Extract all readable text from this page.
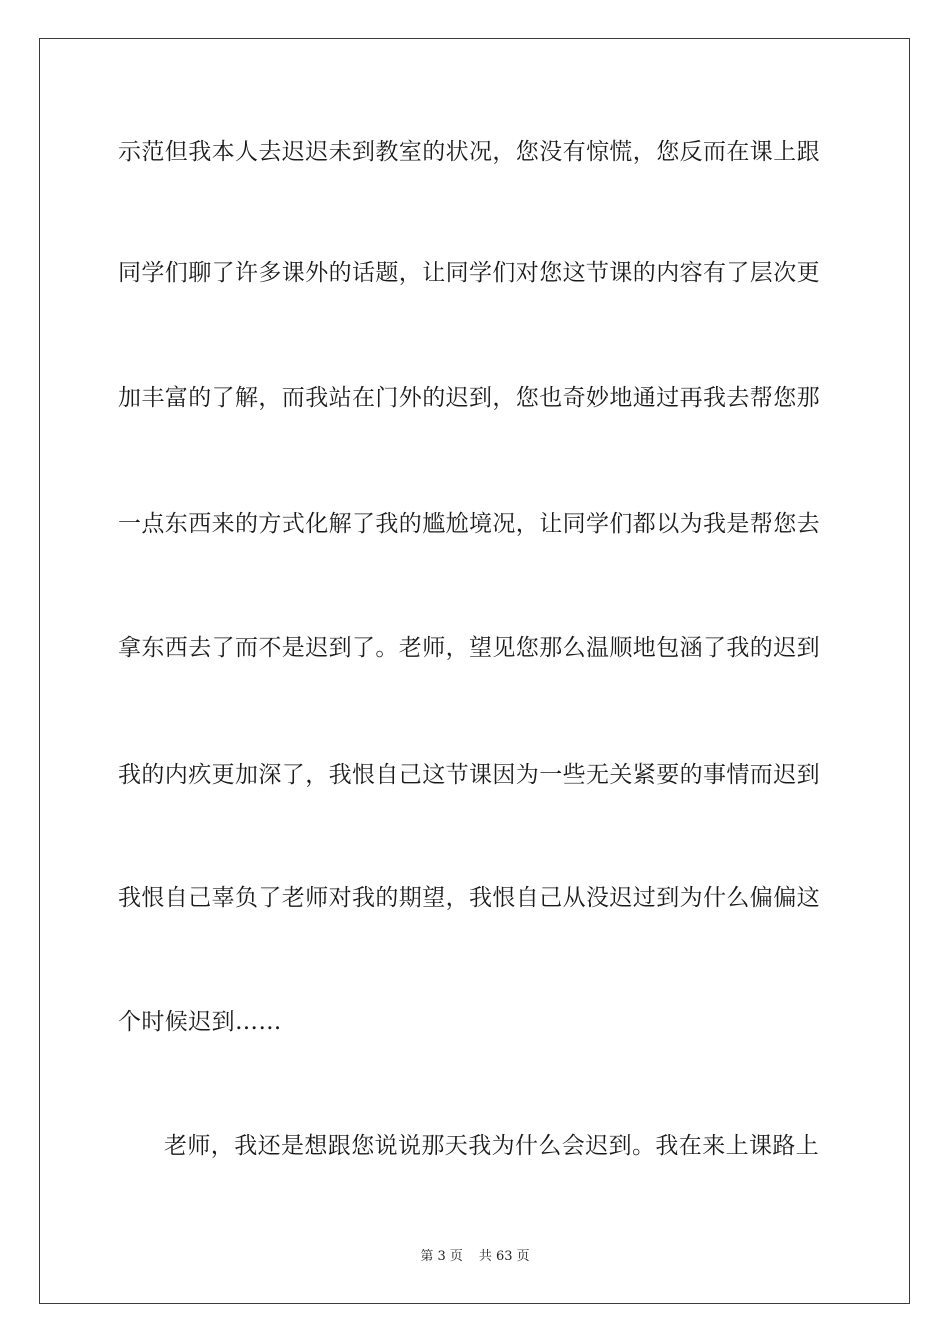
示范但我本人去迟迟未到教室的状况，您没有惊慌，您反而在课上跟
同学们聊了许多课外的话题，让同学们对您这节课的内容有了层次更
加丰富的了解，而我站在门外的迟到，您也奇妙地通过再我去帮您那
一点东西来的方式化解了我的尴尬境况，让同学们都以为我是帮您去
拿东西去了而不是迟到了。老师，望见您那么温顺地包涵了我的迟到
我的内疚更加深了，我恨自己这节课因为一些无关紧要的事情而迟到
我恨自己辜负了老师对我的期望，我恨自己从没迟过到为什么偏偏这
个时候迟到……
老师，我还是想跟您说说那天我为什么会迟到。我在来上课路上
第 3 页 共 63 页
